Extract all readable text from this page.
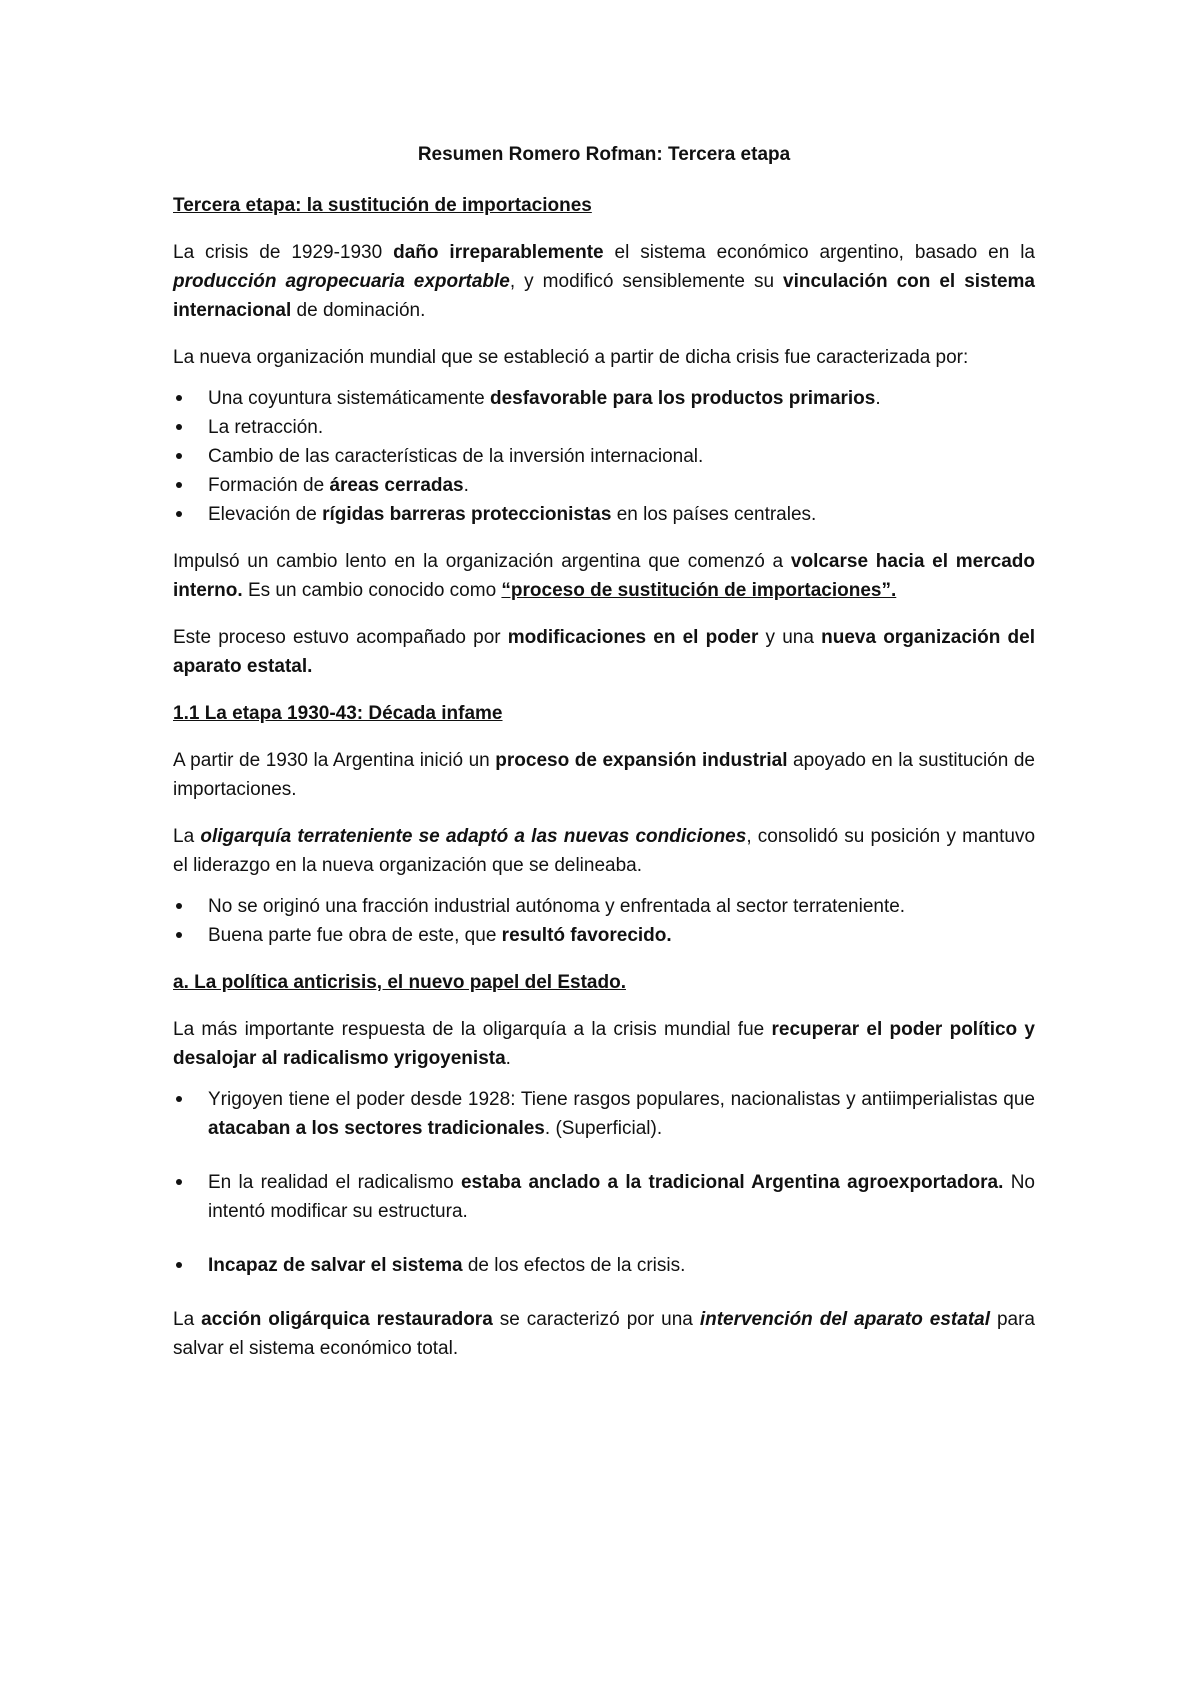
Resumen Romero Rofman: Tercera etapa
Tercera etapa: la sustitución de importaciones

La crisis de 1929-1930 daño irreparablemente el sistema económico argentino, basado en la producción agropecuaria exportable, y modificó sensiblemente su vinculación con el sistema internacional de dominación.

La nueva organización mundial que se estableció a partir de dicha crisis fue caracterizada por:

Una coyuntura sistemáticamente desfavorable para los productos primarios.
La retracción.
Cambio de las características de la inversión internacional.
Formación de áreas cerradas.
Elevación de rígidas barreras proteccionistas en los países centrales.

Impulsó un cambio lento en la organización argentina que comenzó a volcarse hacia el mercado interno. Es un cambio conocido como “proceso de sustitución de importaciones”.

Este proceso estuvo acompañado por modificaciones en el poder y una nueva organización del aparato estatal.

1.1 La etapa 1930-43: Década infame

A partir de 1930 la Argentina inició un proceso de expansión industrial apoyado en la sustitución de importaciones.

La oligarquía terrateniente se adaptó a las nuevas condiciones, consolidó su posición y mantuvo el liderazgo en la nueva organización que se delineaba.

No se originó una fracción industrial autónoma y enfrentada al sector terrateniente.
Buena parte fue obra de este, que resultó favorecido.
a. La política anticrisis, el nuevo papel del Estado.

La más importante respuesta de la oligarquía a la crisis mundial fue recuperar el poder político y desalojar al radicalismo yrigoyenista.

Yrigoyen tiene el poder desde 1928: Tiene rasgos populares, nacionalistas y antiimperialistas que atacaban a los sectores tradicionales. (Superficial).
En la realidad el radicalismo estaba anclado a la tradicional Argentina agroexportadora. No intentó modificar su estructura.
Incapaz de salvar el sistema de los efectos de la crisis.

La acción oligárquica restauradora se caracterizó por una intervención del aparato estatal para salvar el sistema económico total.
